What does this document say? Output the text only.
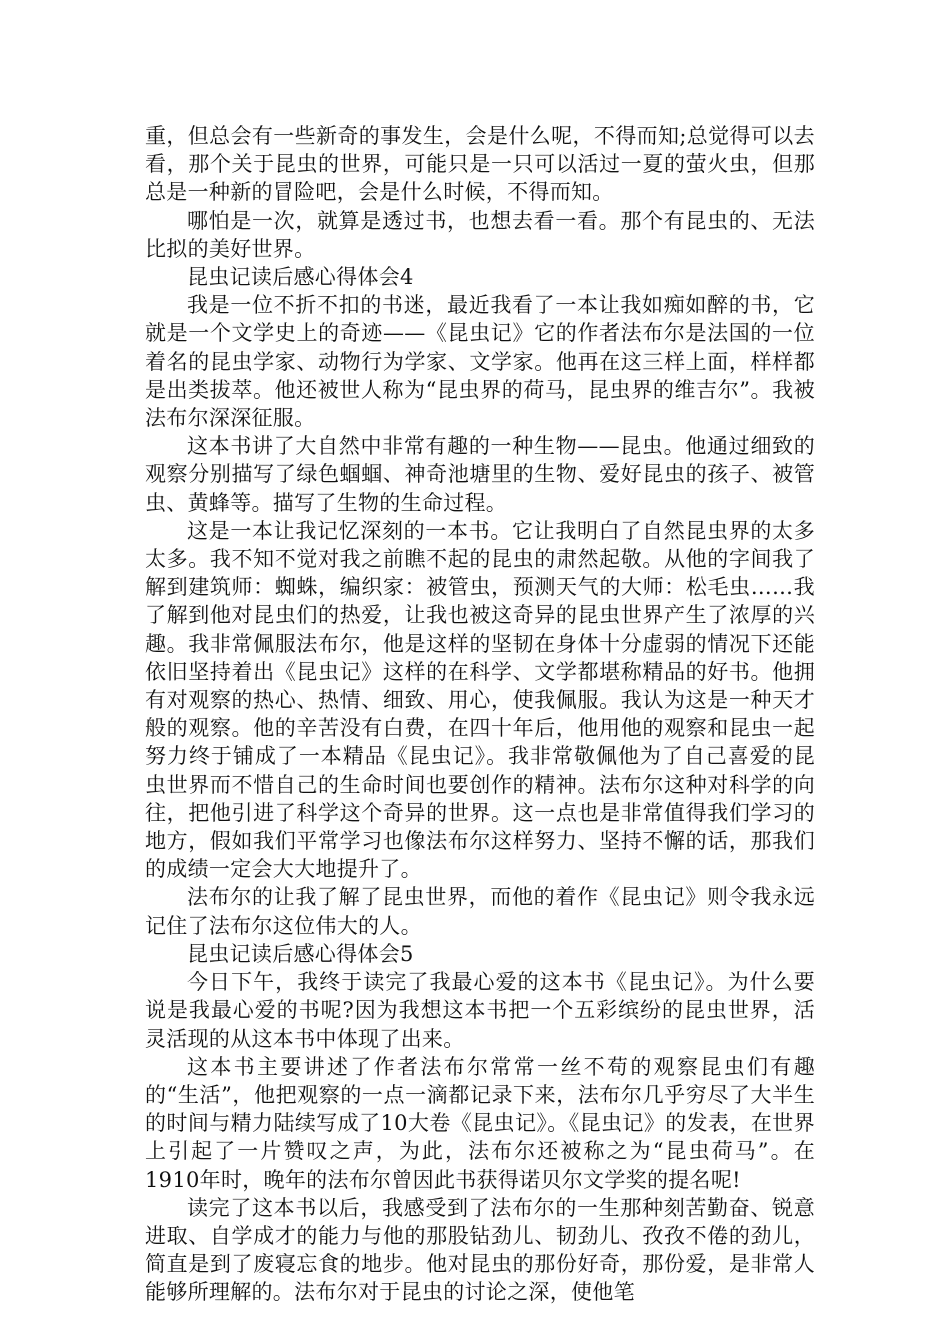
重，但总会有一些新奇的事发生，会是什么呢，不得而知;总觉得可以去看，那个关于昆虫的世界，可能只是一只可以活过一夏的萤火虫，但那总是一种新的冒险吧，会是什么时候，不得而知。

哪怕是一次，就算是透过书，也想去看一看。那个有昆虫的、无法比拟的美好世界。

昆虫记读后感心得体会4

我是一位不折不扣的书迷，最近我看了一本让我如痴如醉的书，它就是一个文学史上的奇迹——《昆虫记》它的作者法布尔是法国的一位着名的昆虫学家、动物行为学家、文学家。他再在这三样上面，样样都是出类拔萃。他还被世人称为“昆虫界的荷马，昆虫界的维吉尔”。我被法布尔深深征服。

这本书讲了大自然中非常有趣的一种生物——昆虫。他通过细致的观察分别描写了绿色蝈蝈、神奇池塘里的生物、爱好昆虫的孩子、被管虫、黄蜂等。描写了生物的生命过程。

这是一本让我记忆深刻的一本书。它让我明白了自然昆虫界的太多太多。我不知不觉对我之前瞧不起的昆虫的肃然起敬。从他的字间我了解到建筑师：蜘蛛，编织家：被管虫，预测天气的大师：松毛虫……我了解到他对昆虫们的热爱，让我也被这奇异的昆虫世界产生了浓厚的兴趣。我非常佩服法布尔，他是这样的坚韧在身体十分虚弱的情况下还能依旧坚持着出《昆虫记》这样的在科学、文学都堪称精品的好书。他拥有对观察的热心、热情、细致、用心，使我佩服。我认为这是一种天才般的观察。他的辛苦没有白费，在四十年后，他用他的观察和昆虫一起努力终于铺成了一本精品《昆虫记》。我非常敬佩他为了自己喜爱的昆虫世界而不惜自己的生命时间也要创作的精神。法布尔这种对科学的向往，把他引进了科学这个奇异的世界。这一点也是非常值得我们学习的地方，假如我们平常学习也像法布尔这样努力、坚持不懈的话，那我们的成绩一定会大大地提升了。

法布尔的让我了解了昆虫世界，而他的着作《昆虫记》则令我永远记住了法布尔这位伟大的人。

昆虫记读后感心得体会5

今日下午，我终于读完了我最心爱的这本书《昆虫记》。为什么要说是我最心爱的书呢?因为我想这本书把一个五彩缤纷的昆虫世界，活灵活现的从这本书中体现了出来。

这本书主要讲述了作者法布尔常常一丝不苟的观察昆虫们有趣的“生活”，他把观察的一点一滴都记录下来，法布尔几乎穷尽了大半生的时间与精力陆续写成了10大卷《昆虫记》。《昆虫记》的发表，在世界上引起了一片赞叹之声，为此，法布尔还被称之为“昆虫荷马”。在1910年时，晚年的法布尔曾因此书获得诺贝尔文学奖的提名呢!

读完了这本书以后，我感受到了法布尔的一生那种刻苦勤奋、锐意进取、自学成才的能力与他的那股钻劲儿、韧劲儿、孜孜不倦的劲儿，简直是到了废寝忘食的地步。他对昆虫的那份好奇，那份爱，是非常人能够所理解的。法布尔对于昆虫的讨论之深，使他笔
